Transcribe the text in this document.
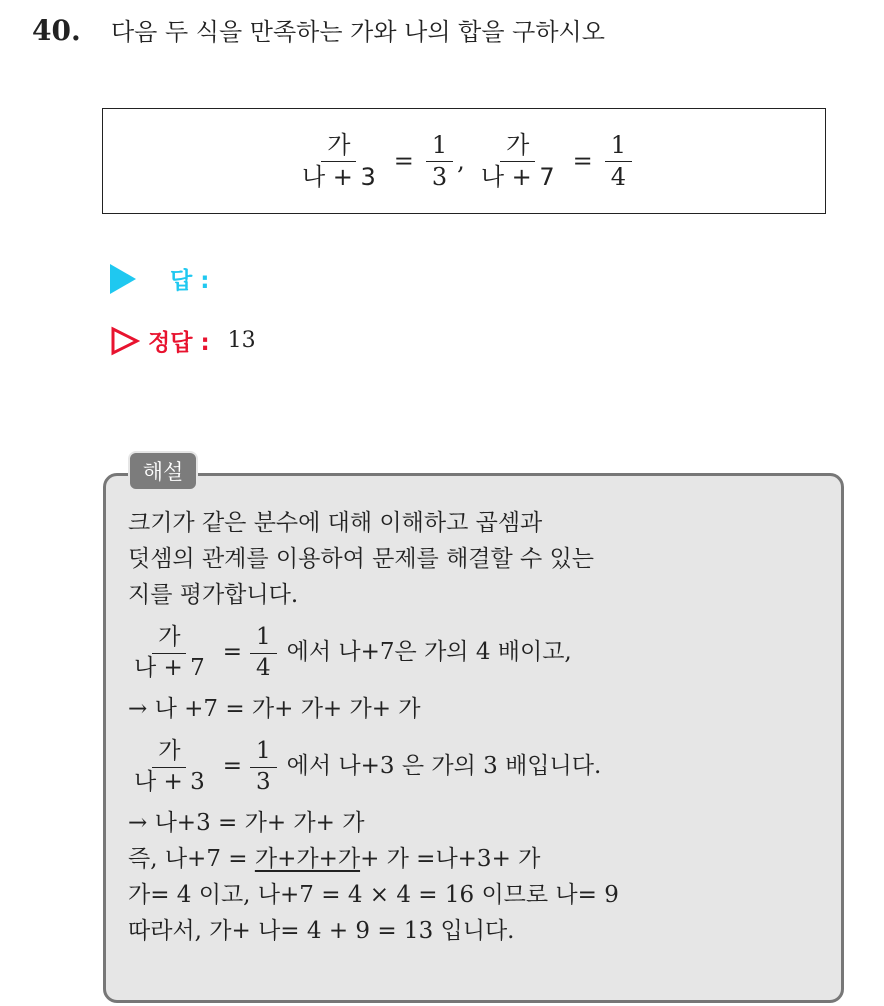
40. 다음 두 식을 만족하는 가와 나의 합을 구하시오
$\frac{\text{가}}{\text{나 + 3}} = \frac{1}{3}$ , $\frac{\text{가}}{\text{나 + 7}} = \frac{1}{4}$
답 :
정답 : 13
해설
크기가 같은 분수에 대해 이해하고 곱셈과
덧셈의 관계를 이용하여 문제를 해결할 수 있는
지를 평가합니다.
$\frac{\text{가}}{\text{나 + 7}} = \frac{1}{4}$ 에서 나+7은 가의 4 배이고,
→ 나 +7 = 가+ 가+ 가+ 가
$\frac{\text{가}}{\text{나 + 3}} = \frac{1}{3}$ 에서 나+3 은 가의 3 배입니다.
→ 나+3 = 가+ 가+ 가
즉, 나+7 = 가+가+가 + 가 =나+3+ 가
가= 4 이고, 나+7 = 4 × 4 = 16 이므로 나= 9
따라서, 가+ 나= 4 + 9 = 13 입니다.
